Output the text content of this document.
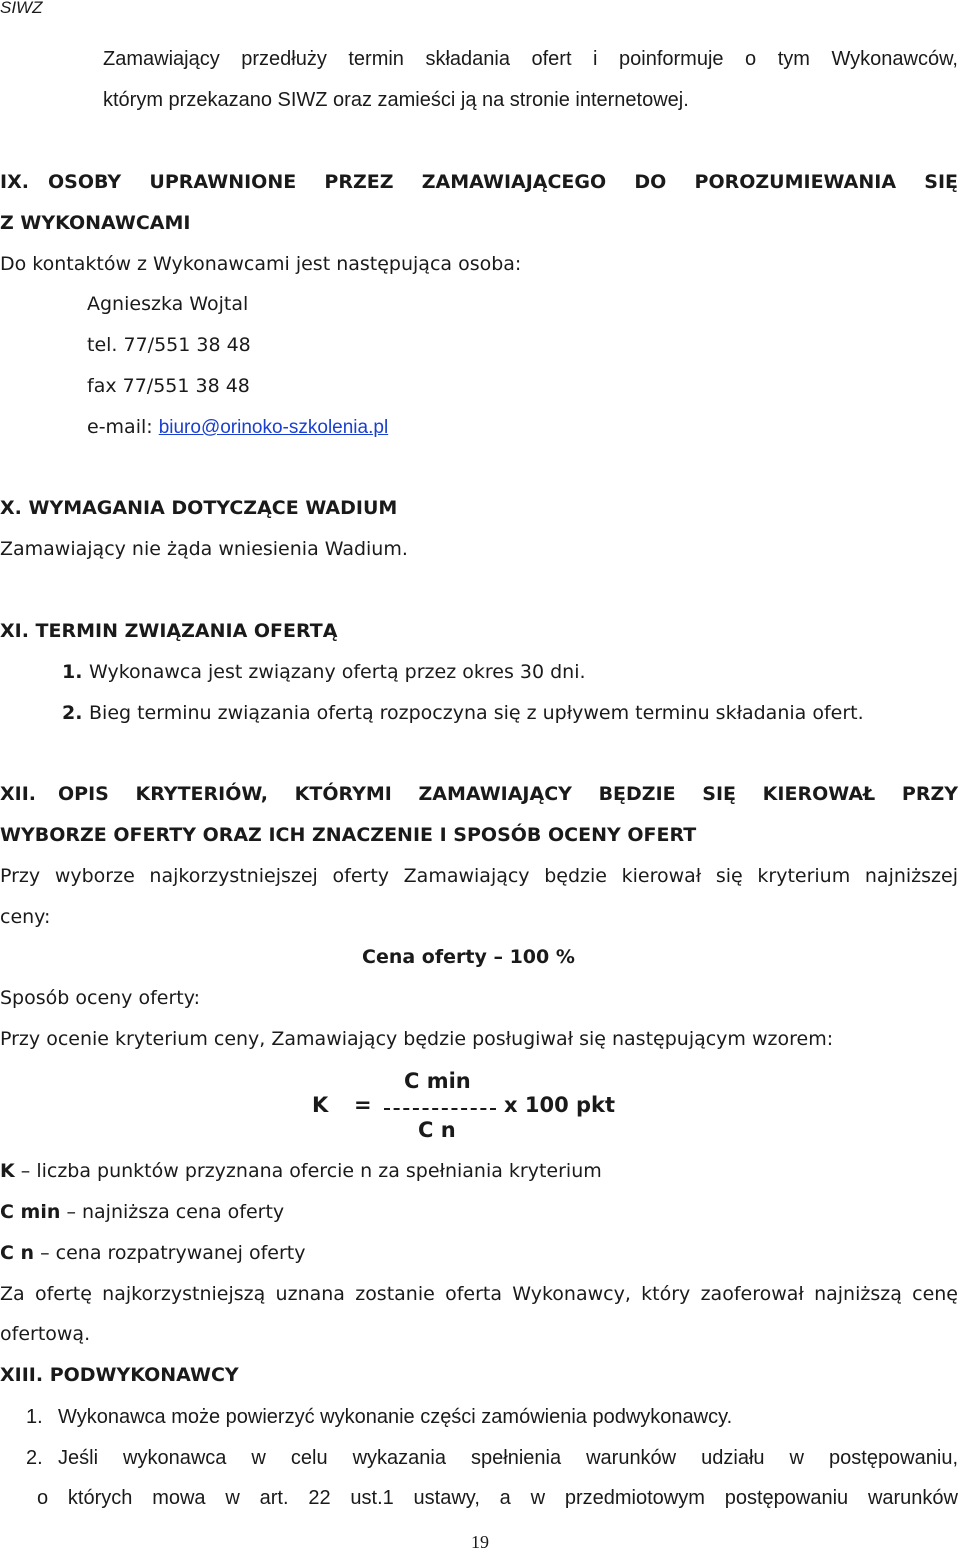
SIWZ
Zamawiający przedłuży termin składania ofert i poinformuje o tym Wykonawców,
którym przekazano SIWZ oraz zamieści ją na stronie internetowej.
IX. OSOBY UPRAWNIONE PRZEZ ZAMAWIAJĄCEGO DO POROZUMIEWANIA SIĘ
Z WYKONAWCAMI
Do kontaktów z Wykonawcami jest następująca osoba:
Agnieszka Wojtal
tel. 77/551 38 48
fax 77/551 38 48
e-mail: biuro@orinoko-szkolenia.pl
X. WYMAGANIA DOTYCZĄCE WADIUM
Zamawiający nie żąda wniesienia Wadium.
XI. TERMIN ZWIĄZANIA OFERTĄ
1. Wykonawca jest związany ofertą przez okres 30 dni.
2. Bieg terminu związania ofertą rozpoczyna się z upływem terminu składania ofert.
XII. OPIS KRYTERIÓW, KTÓRYMI ZAMAWIAJĄCY BĘDZIE SIĘ KIEROWAŁ PRZY
WYBORZE OFERTY ORAZ ICH ZNACZENIE I SPOSÓB OCENY OFERT
Przy wyborze najkorzystniejszej oferty Zamawiający będzie kierował się kryterium najniższej
ceny:
Cena oferty – 100 %
Sposób oceny oferty:
Przy ocenie kryterium ceny, Zamawiający będzie posługiwał się następującym wzorem:
C min
K =	x 100 pkt
C n
K – liczba punktów przyznana ofercie n za spełniania kryterium
C min – najniższa cena oferty
C n – cena rozpatrywanej oferty
Za ofertę najkorzystniejszą uznana zostanie oferta Wykonawcy, który zaoferował najniższą cenę
ofertową.
XIII. PODWYKONAWCY
1. Wykonawca może powierzyć wykonanie części zamówienia podwykonawcy.
2. Jeśli wykonawca w celu wykazania spełnienia warunków udziału w postępowaniu,
o których mowa w art. 22 ust.1 ustawy, a w przedmiotowym postępowaniu warunków
19
